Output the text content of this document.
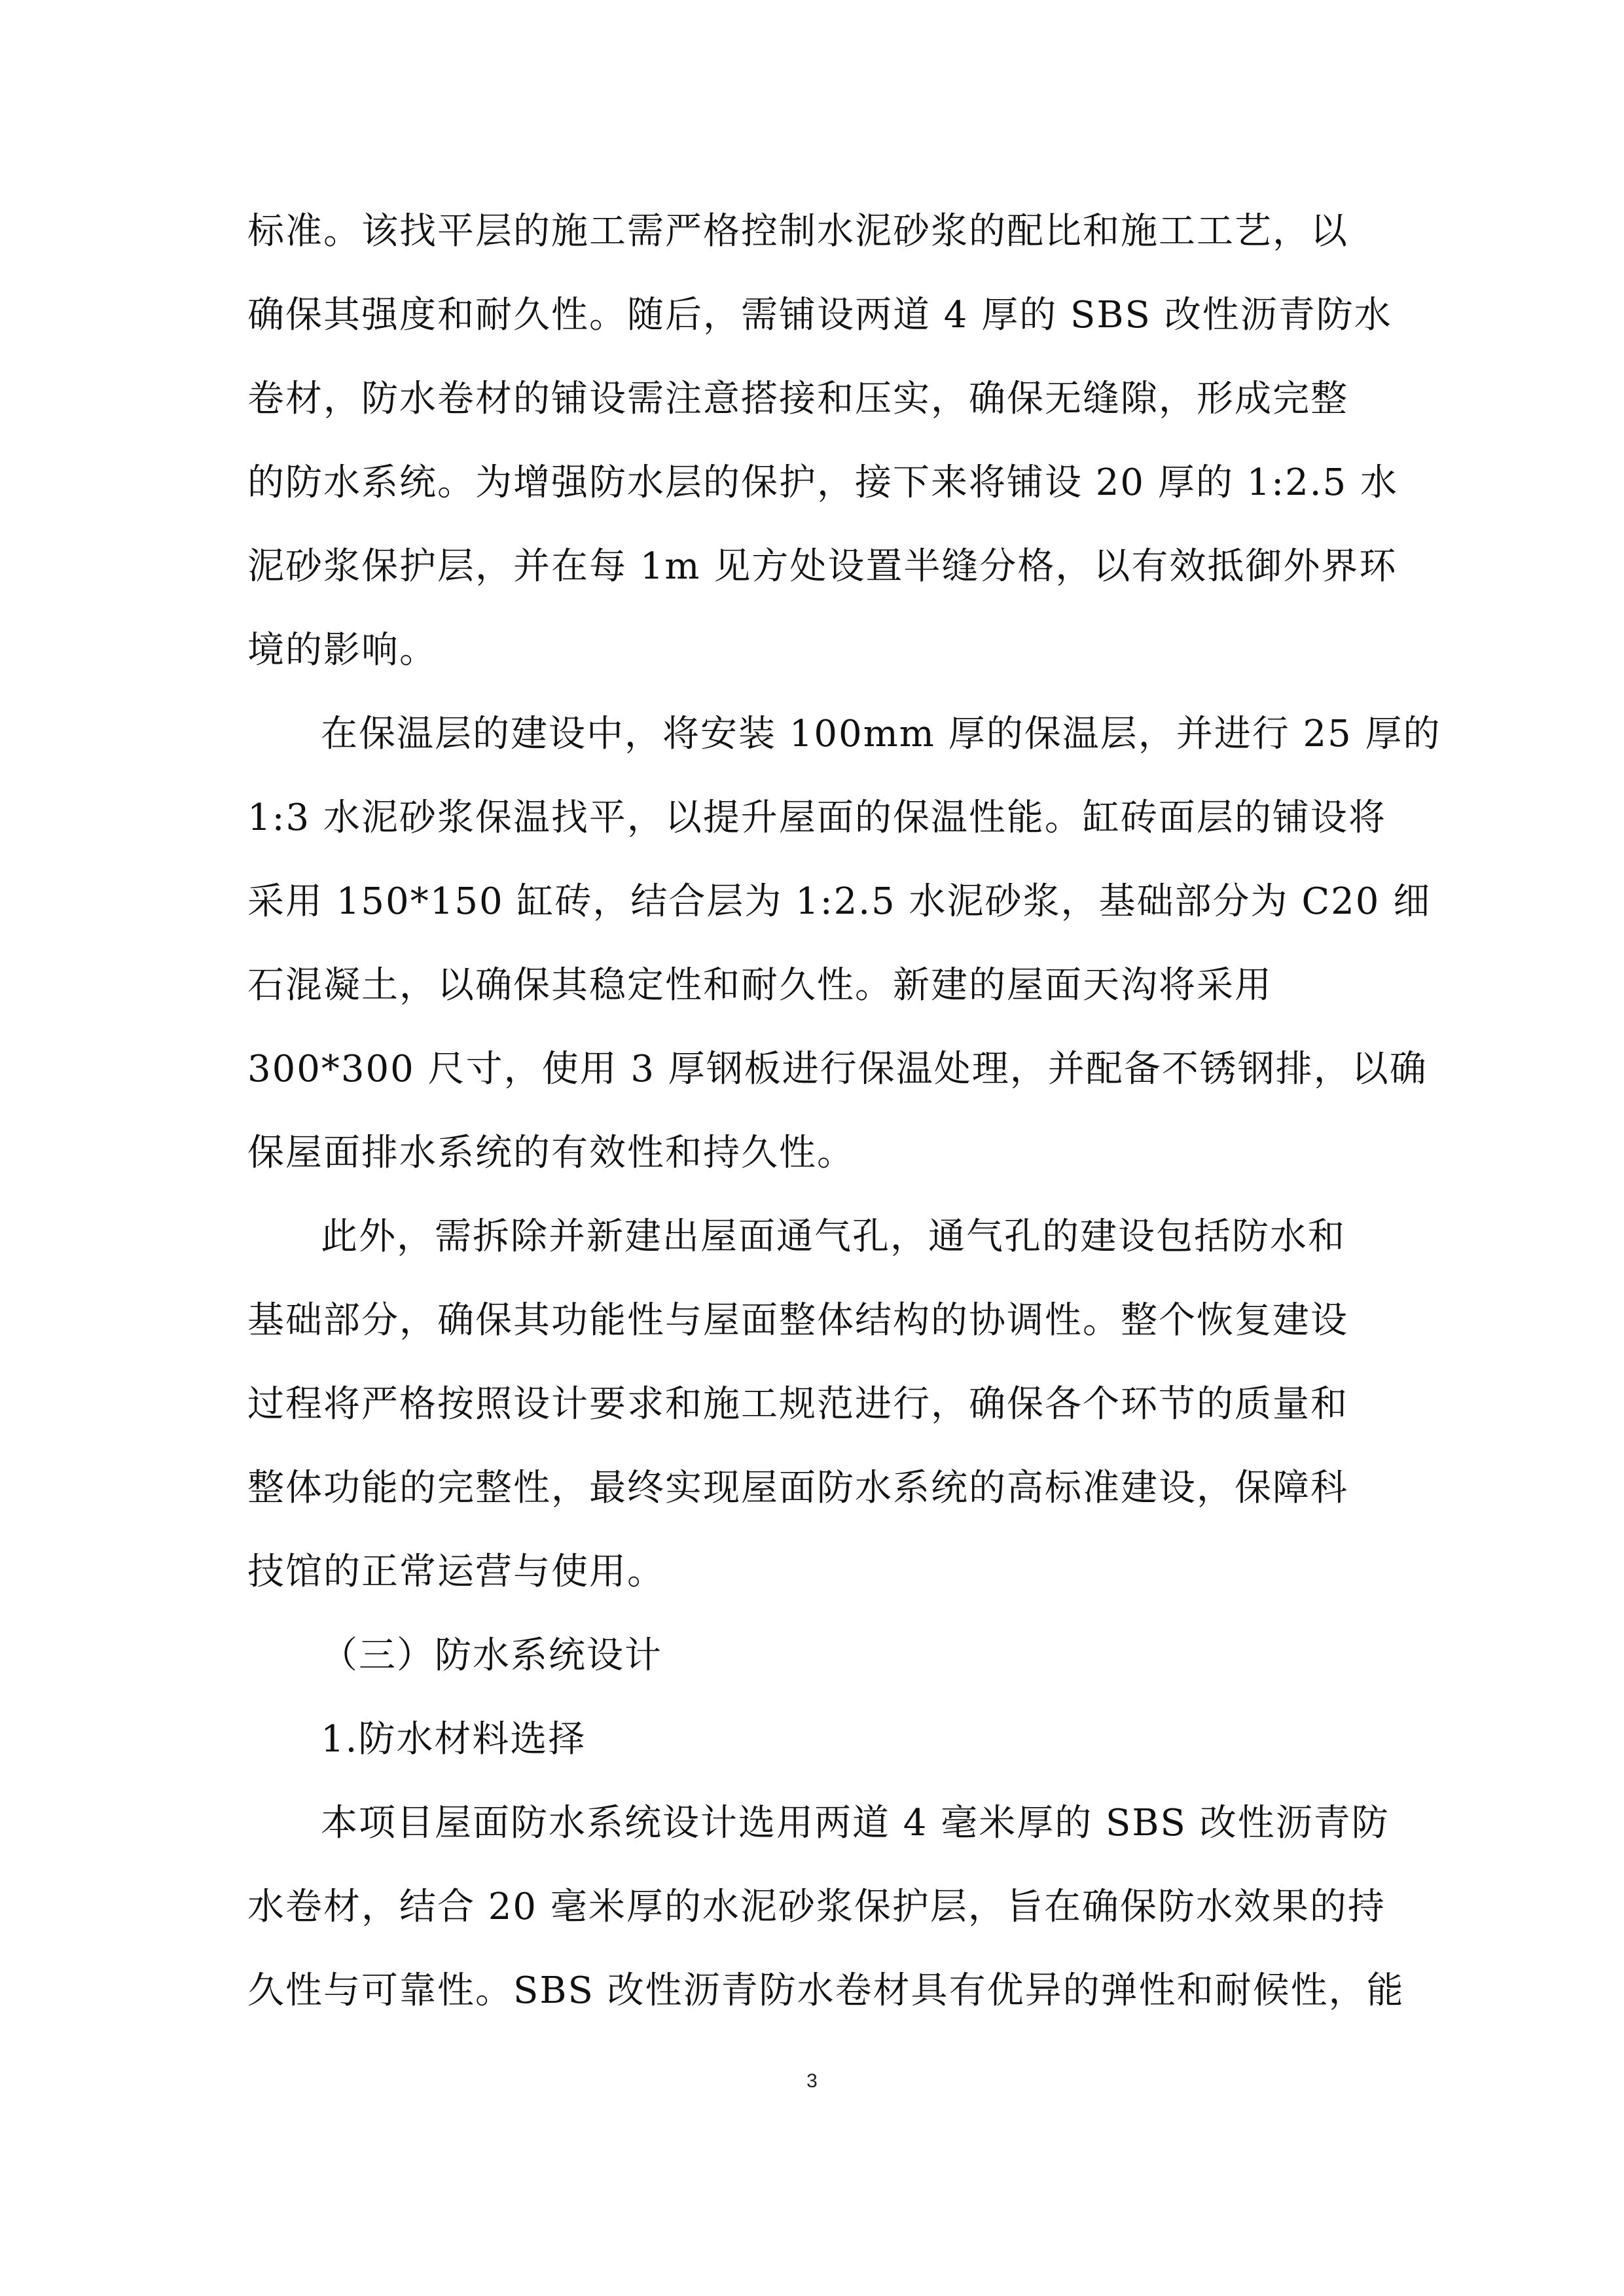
标准。该找平层的施工需严格控制水泥砂浆的配比和施工工艺，以
确保其强度和耐久性。随后，需铺设两道 4 厚的 SBS 改性沥青防水
卷材，防水卷材的铺设需注意搭接和压实，确保无缝隙，形成完整
的防水系统。为增强防水层的保护，接下来将铺设 20 厚的 1:2.5 水
泥砂浆保护层，并在每 1m 见方处设置半缝分格，以有效抵御外界环
境的影响。
在保温层的建设中，将安装 100mm 厚的保温层，并进行 25 厚的
1:3 水泥砂浆保温找平，以提升屋面的保温性能。缸砖面层的铺设将
采用 150*150 缸砖，结合层为 1:2.5 水泥砂浆，基础部分为 C20 细
石混凝土，以确保其稳定性和耐久性。新建的屋面天沟将采用
300*300 尺寸，使用 3 厚钢板进行保温处理，并配备不锈钢排，以确
保屋面排水系统的有效性和持久性。
此外，需拆除并新建出屋面通气孔，通气孔的建设包括防水和
基础部分，确保其功能性与屋面整体结构的协调性。整个恢复建设
过程将严格按照设计要求和施工规范进行，确保各个环节的质量和
整体功能的完整性，最终实现屋面防水系统的高标准建设，保障科
技馆的正常运营与使用。
（三）防水系统设计
1.防水材料选择
本项目屋面防水系统设计选用两道 4 毫米厚的 SBS 改性沥青防
水卷材，结合 20 毫米厚的水泥砂浆保护层，旨在确保防水效果的持
久性与可靠性。SBS 改性沥青防水卷材具有优异的弹性和耐候性，能
3
